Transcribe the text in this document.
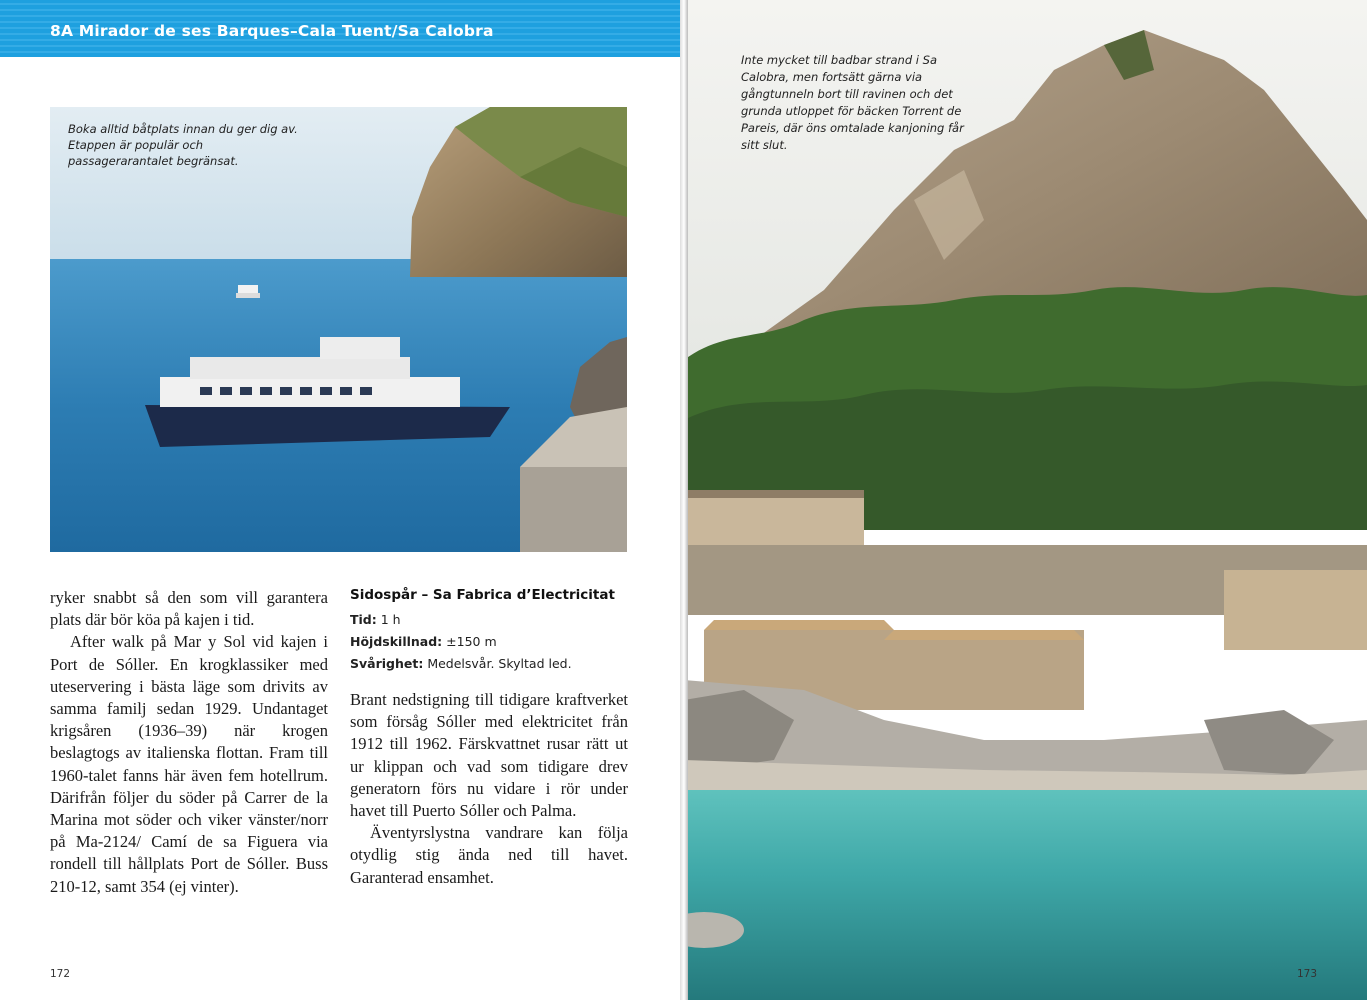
8A Mirador de ses Barques–Cala Tuent/Sa Calobra
Boka alltid båtplats innan du ger dig av. Etappen är populär och passagerarantalet begränsat.

ryker snabbt så den som vill garantera plats där bör köa på kajen i tid.

After walk på Mar y Sol vid kajen i Port de Sóller. En krogklassiker med uteservering i bästa läge som drivits av samma familj sedan 1929. Undantaget krigsåren (1936–39) när krogen beslagtogs av italienska flottan. Fram till 1960-talet fanns här även fem hotellrum. Därifrån följer du söder på Carrer de la Marina mot söder och viker vänster/norr på Ma-2124/ Camí de sa Figuera via rondell till hållplats Port de Sóller. Buss 210-12, samt 354 (ej vinter).

Sidospår – Sa Fabrica d’Electricitat
Tid: 1 h
Höjdskillnad: ±150 m
Svårighet: Medelsvår. Skyltad led.

Brant nedstigning till tidigare kraftverket som försåg Sóller med elektricitet från 1912 till 1962. Färskvattnet rusar rätt ut ur klippan och vad som tidigare drev generatorn förs nu vidare i rör under havet till Puerto Sóller och Palma.

Äventyrslystna vandrare kan följa otydlig stig ända ned till havet. Garanterad ensamhet.

172
Inte mycket till badbar strand i Sa Calobra, men fortsätt gärna via gångtunneln bort till ravinen och det grunda utloppet för bäcken Torrent de Pareis, där öns omtalade kanjoning får sitt slut.
173
